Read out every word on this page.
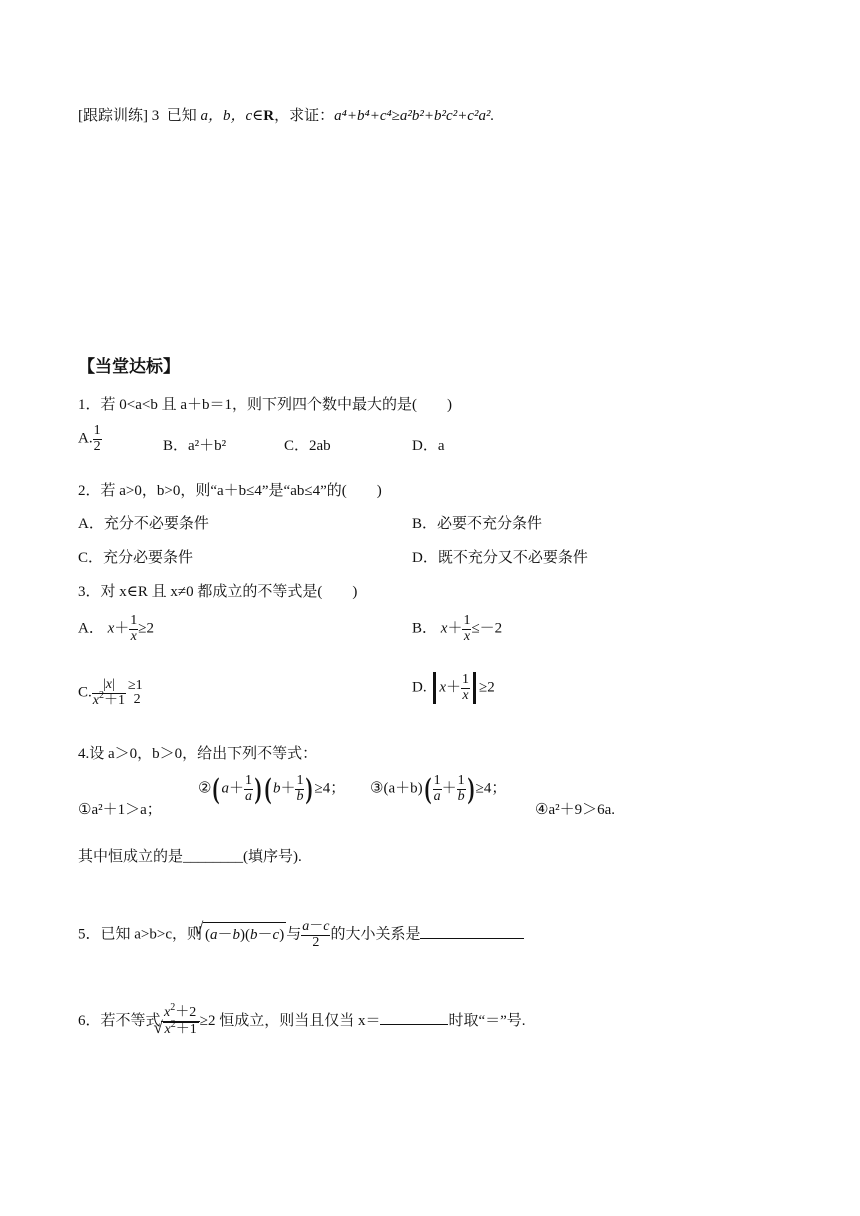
[跟踪训练] 3 已知 a，b，c∈R，求证：a⁴+b⁴+c⁴≥a²b²+b²c²+c²a².
【当堂达标】
1．若 0<a<b 且 a＋b＝1，则下列四个数中最大的是(　　)
A. $\frac{1}{2}$	B．a²＋b²	C．2ab	D．a
2．若 a>0，b>0，则“a＋b≤4”是“ab≤4”的(　　)
A．充分不必要条件	B．必要不充分条件
C．充分必要条件	D．既不充分又不必要条件
3．对 x∈R 且 x≠0 都成立的不等式是(　　)
A． $x+ \frac{1}{x} \ge 2$	B． $x+ \frac{1}{x} \le-2$
C. $\frac{|x|}{x^2+1} \ge 1$
2
D. $x+ \frac{1}{x} \ge 2$
4.设 a＞0，b＞0，给出下列不等式：
①a²＋1＞a；
②( $a+ \frac{1}{a}$ ) ( $b+ \frac{1}{b}$ ) ≥4； ③(a＋b)( $\frac{1}{a} + \frac{1}{b}$ ) ≥4；
④a²＋9＞6a.
其中恒成立的是________(填序号).
5．已知 a>b>c，则√ (a－b)(b－c) 与 $\frac{a-c}{2}$ 的大小关系是
6．若不等式 $x^2+2$
√ $x^2+1 \ge 2$ 恒成立，则当且仅当 x＝	时取“＝”号.
